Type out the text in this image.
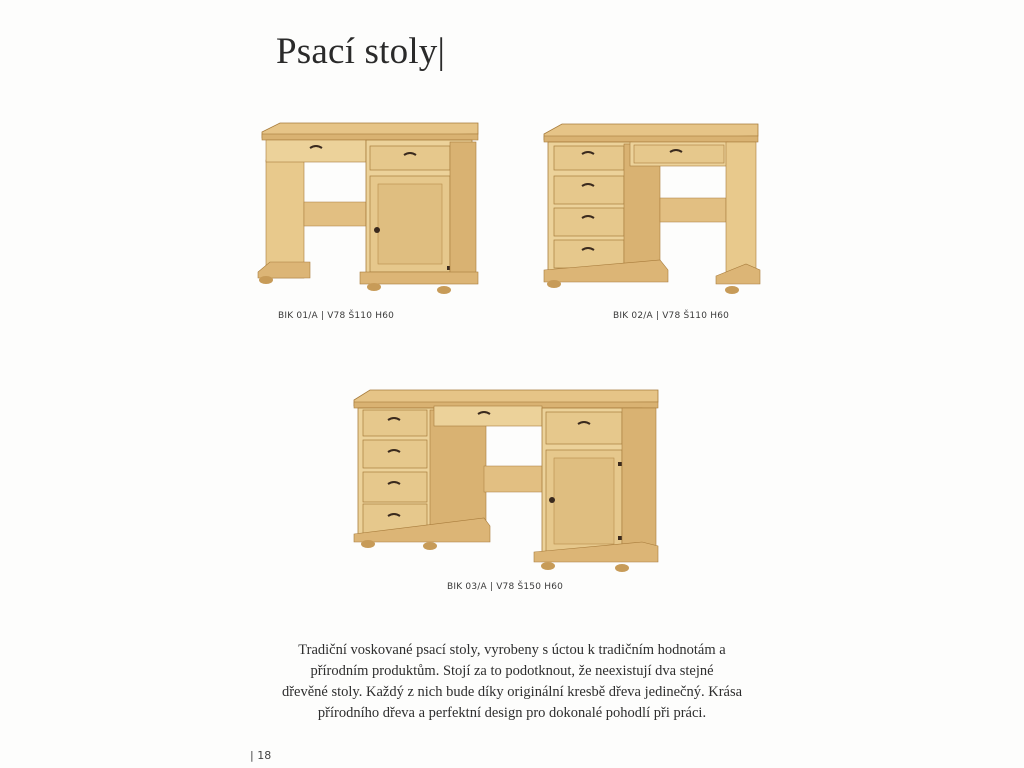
Psací stoly|
BIK 01/A | V78 Š110 H60	BIK 02/A | V78 Š110 H60
BIK 03/A | V78 Š150 H60
Tradiční voskované psací stoly, vyrobeny s úctou k tradičním hodnotám a
přírodním produktům. Stojí za to podotknout, že neexistují dva stejné
dřevěné stoly. Každý z nich bude díky originální kresbě dřeva jedinečný. Krása
přírodního dřeva a perfektní design pro dokonalé pohodlí při práci.
| 18
